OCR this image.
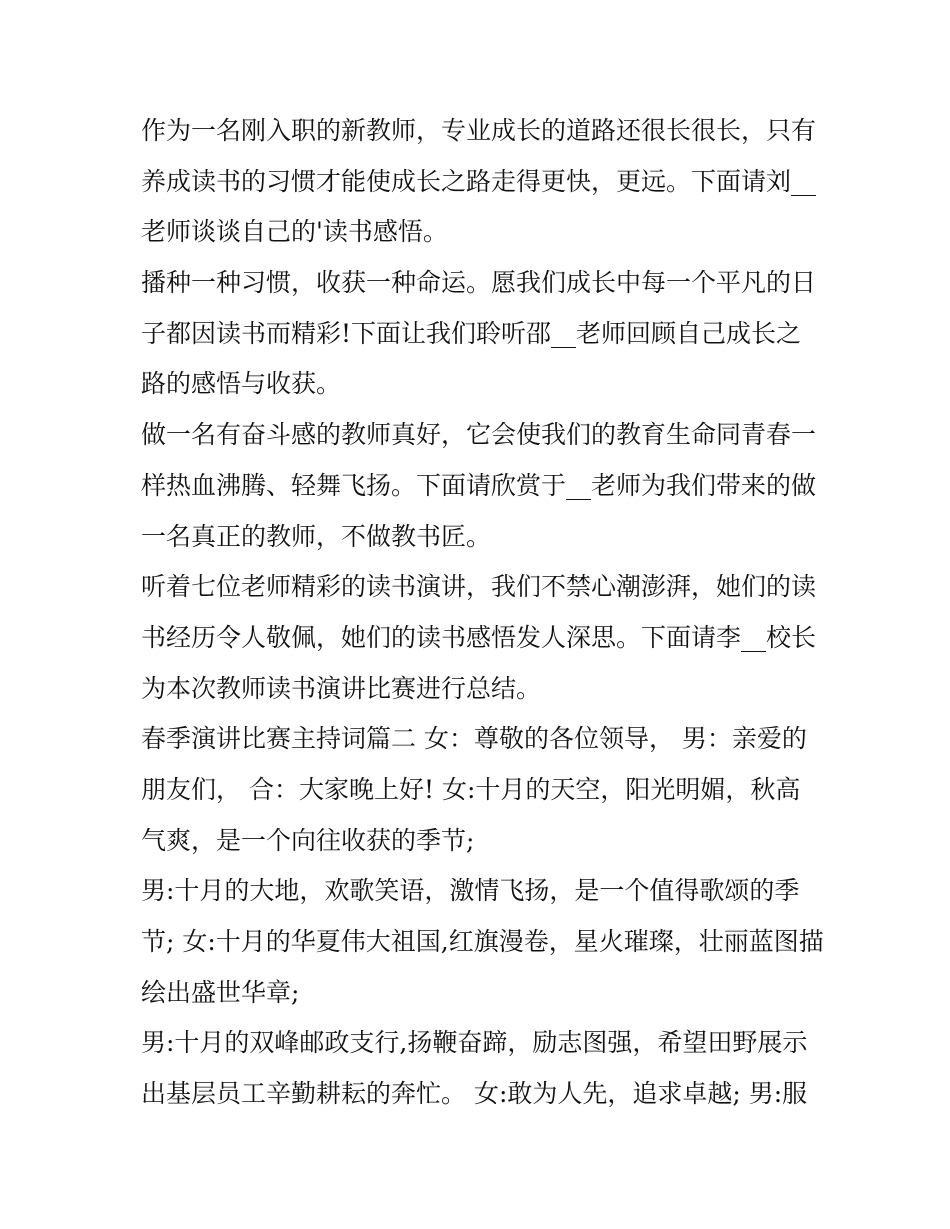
作为一名刚入职的新教师，专业成长的道路还很长很长，只有
养成读书的习惯才能使成长之路走得更快，更远。下面请刘__
老师谈谈自己的'读书感悟。
播种一种习惯，收获一种命运。愿我们成长中每一个平凡的日
子都因读书而精彩!下面让我们聆听邵__老师回顾自己成长之
路的感悟与收获。
做一名有奋斗感的教师真好，它会使我们的教育生命同青春一
样热血沸腾、轻舞飞扬。下面请欣赏于__老师为我们带来的做
一名真正的教师，不做教书匠。
听着七位老师精彩的读书演讲，我们不禁心潮澎湃，她们的读
书经历令人敬佩，她们的读书感悟发人深思。下面请李__校长
为本次教师读书演讲比赛进行总结。
春季演讲比赛主持词篇二 女：尊敬的各位领导， 男：亲爱的
朋友们， 合：大家晚上好! 女:十月的天空，阳光明媚，秋高
气爽，是一个向往收获的季节;
男:十月的大地，欢歌笑语，激情飞扬，是一个值得歌颂的季
节; 女:十月的华夏伟大祖国,红旗漫卷，星火璀璨，壮丽蓝图描
绘出盛世华章;
男:十月的双峰邮政支行,扬鞭奋蹄，励志图强，希望田野展示
出基层员工辛勤耕耘的奔忙。 女:敢为人先，追求卓越; 男:服
